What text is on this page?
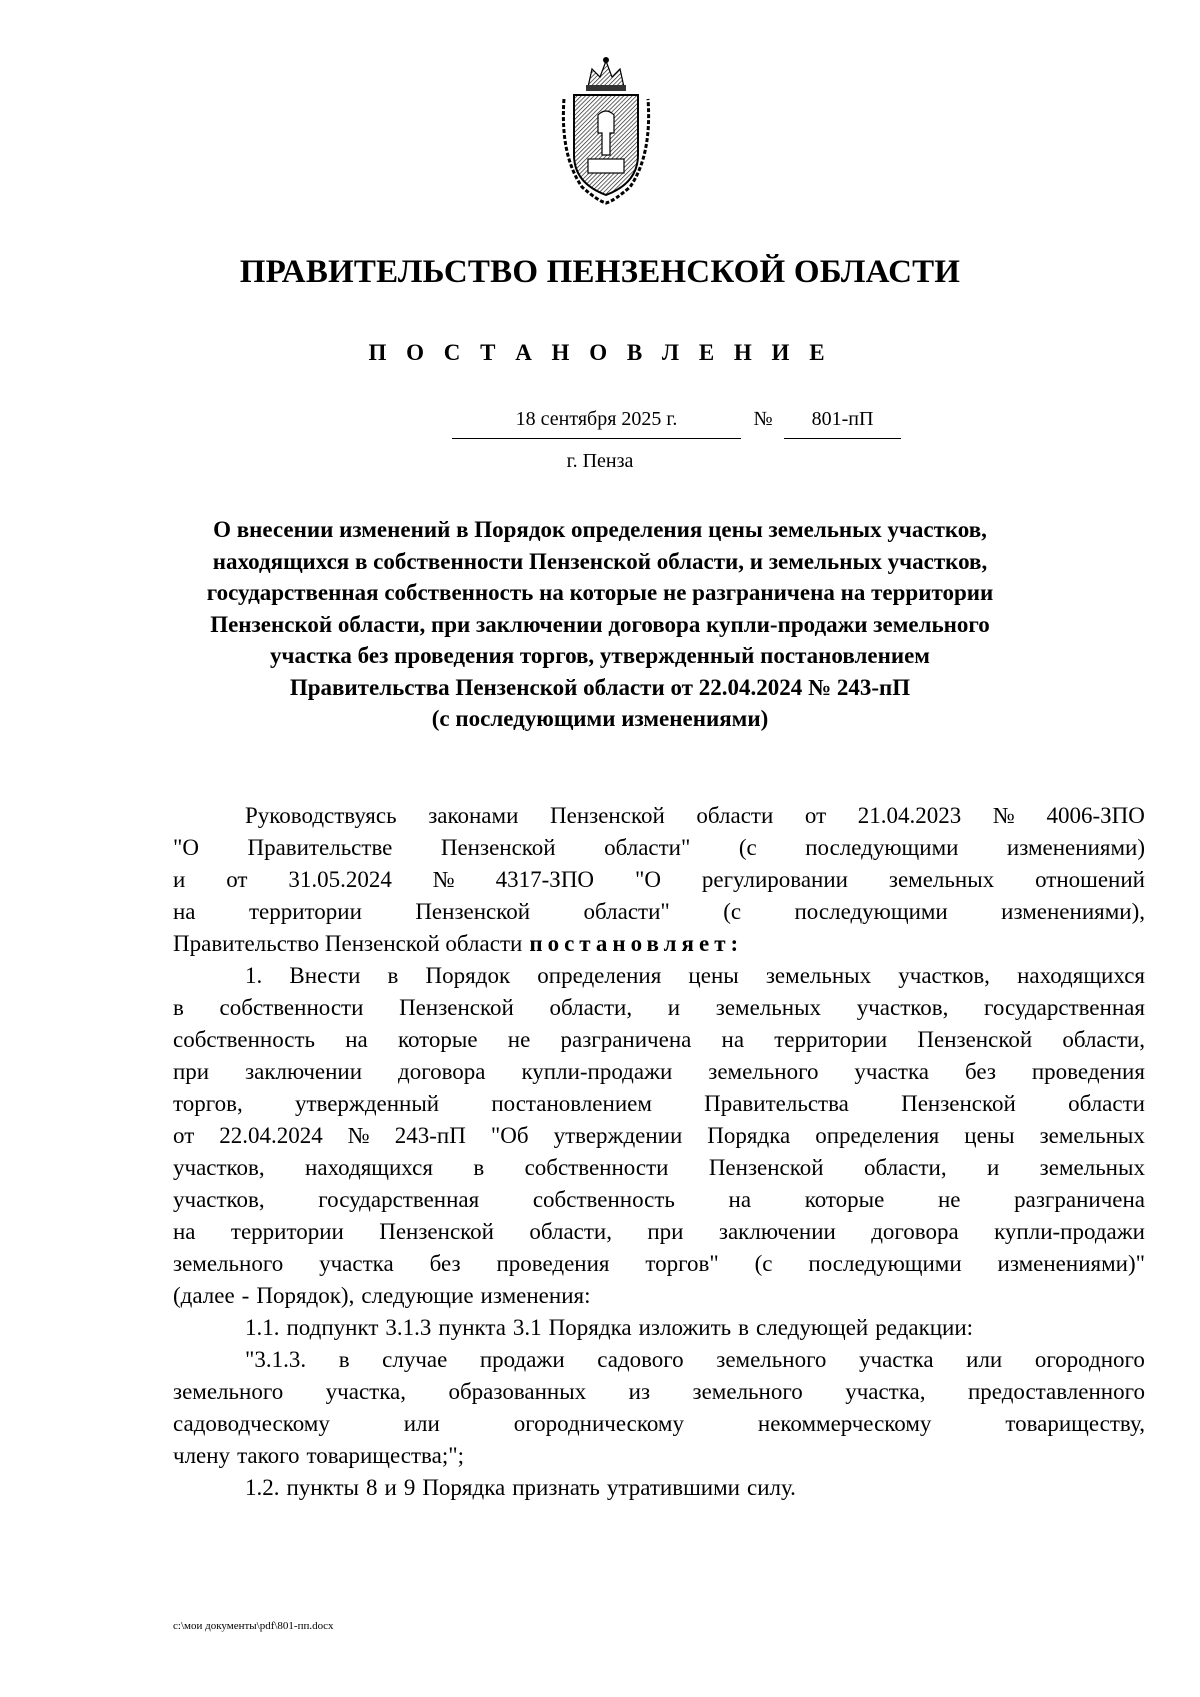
ПРАВИТЕЛЬСТВО ПЕНЗЕНСКОЙ ОБЛАСТИ
П О С Т А Н О В Л Е Н И Е
18 сентября 2025 г.	№	801-пП
г. Пенза
О внесении изменений в Порядок определения цены земельных участков,
находящихся в собственности Пензенской области, и земельных участков,
государственная собственность на которые не разграничена на территории
Пензенской области, при заключении договора купли-продажи земельного
участка без проведения торгов, утвержденный постановлением
Правительства Пензенской области от 22.04.2024 № 243-пП
(с последующими изменениями)
Руководствуясь законами Пензенской области от 21.04.2023 № 4006-ЗПО
"О Правительстве Пензенской области" (с последующими изменениями)
и от 31.05.2024 № 4317-ЗПО "О регулировании земельных отношений
на территории Пензенской области" (с последующими изменениями),
Правительство Пензенской области постановляет:
1. Внести в Порядок определения цены земельных участков, находящихся
в собственности Пензенской области, и земельных участков, государственная
собственность на которые не разграничена на территории Пензенской области,
при заключении договора купли-продажи земельного участка без проведения
торгов, утвержденный постановлением Правительства Пензенской области
от 22.04.2024 № 243-пП "Об утверждении Порядка определения цены земельных
участков, находящихся в собственности Пензенской области, и земельных
участков, государственная собственность на которые не разграничена
на территории Пензенской области, при заключении договора купли-продажи
земельного участка без проведения торгов" (с последующими изменениями)"
(далее - Порядок), следующие изменения:
1.1. подпункт 3.1.3 пункта 3.1 Порядка изложить в следующей редакции:
"3.1.3. в случае продажи садового земельного участка или огородного
земельного участка, образованных из земельного участка, предоставленного
садоводческому	или	огородническому	некоммерческому	товариществу,
члену такого товарищества;";
1.2. пункты 8 и 9 Порядка признать утратившими силу.
c:\мои документы\pdf\801-пп.docx
